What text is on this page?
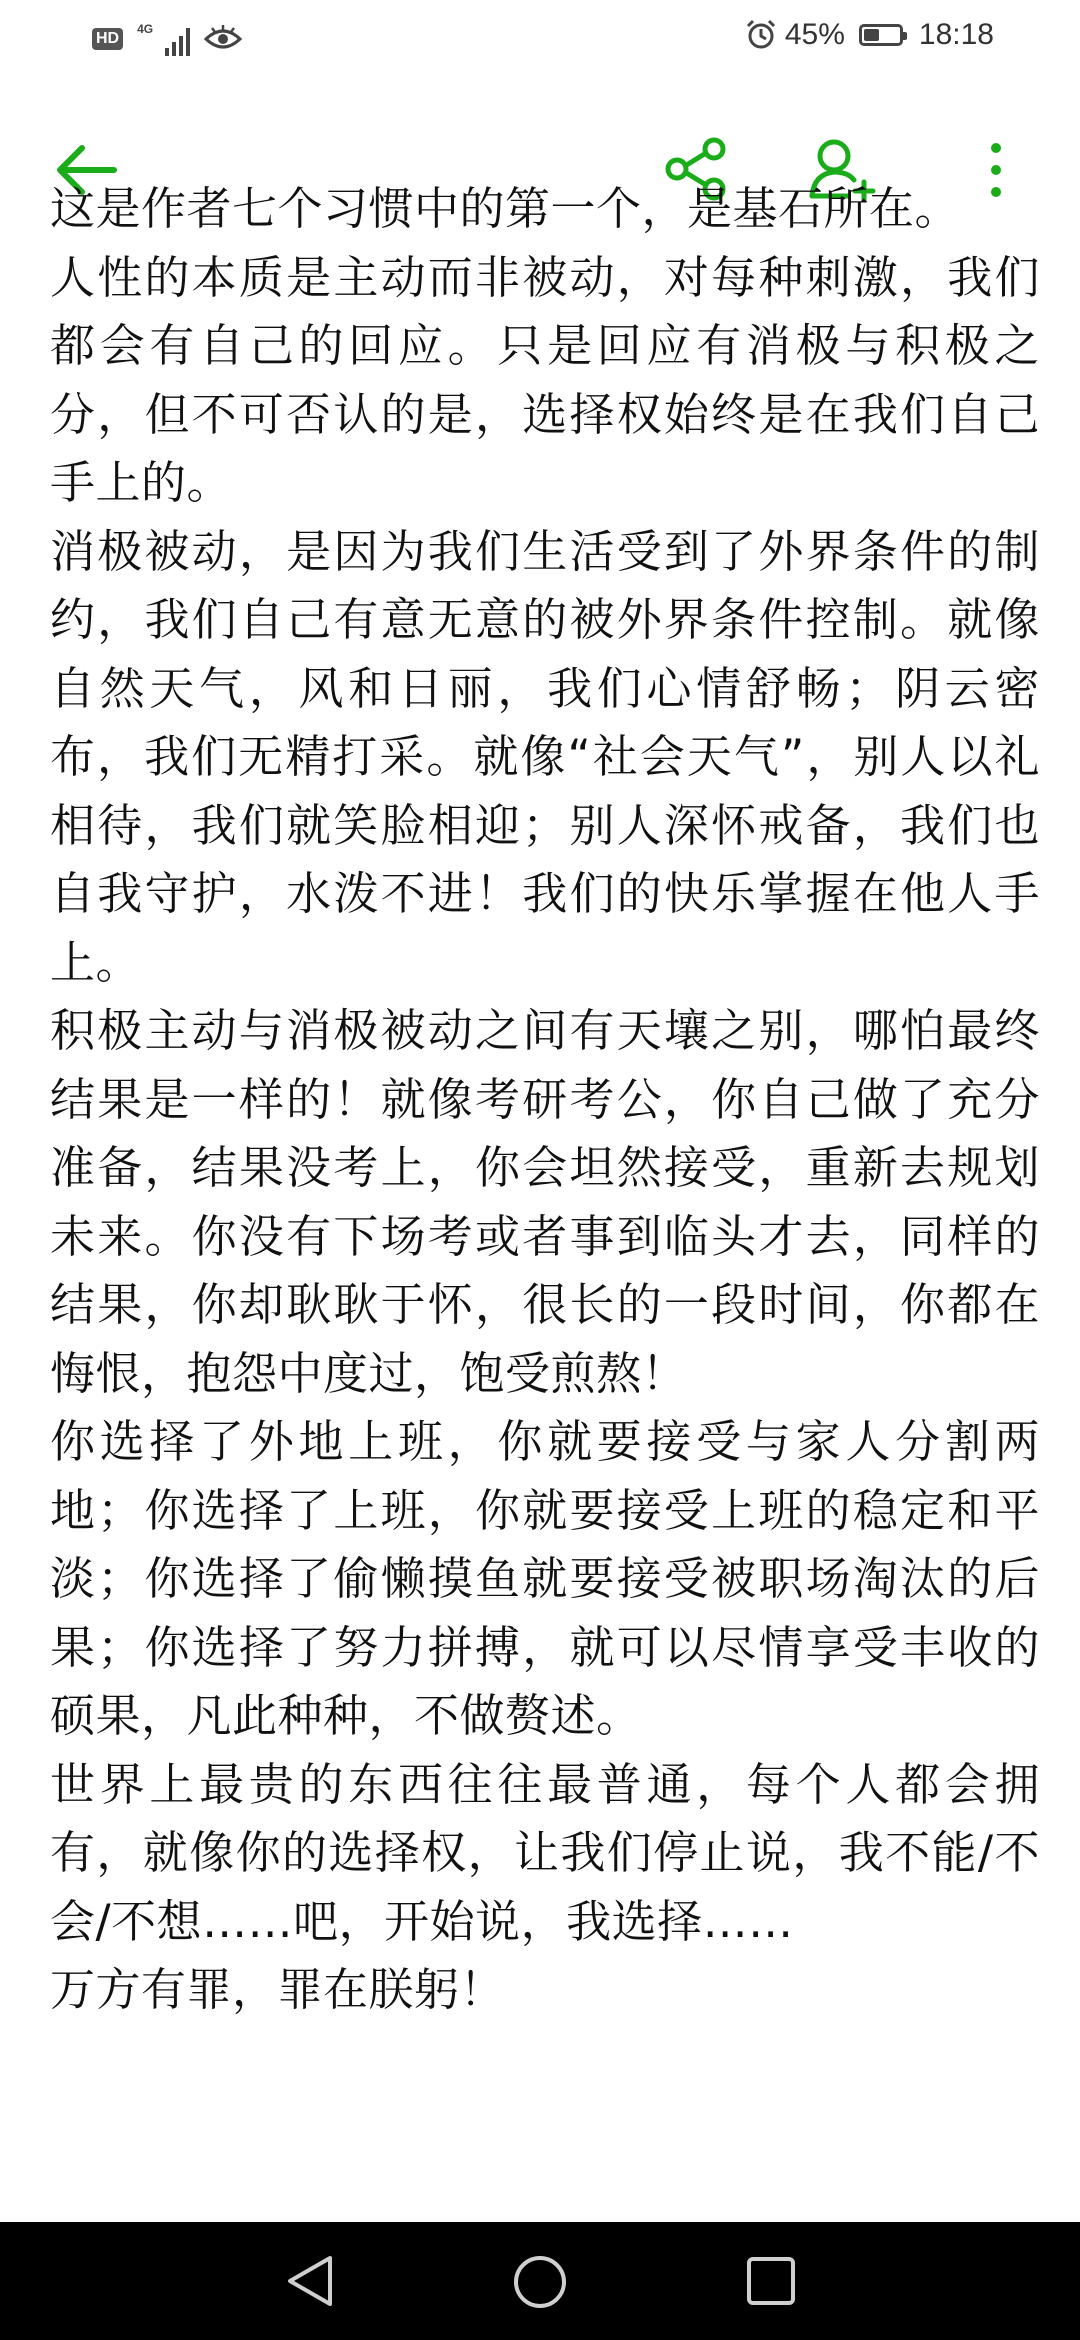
HD
4G	45% 18:18

这是作者七个习惯中的第一个，是基石所在。

人性的本质是主动而非被动，对每种刺激，我们都会有自己的回应。只是回应有消极与积极之分，但不可否认的是，选择权始终是在我们自己手上的。

消极被动，是因为我们生活受到了外界条件的制约，我们自己有意无意的被外界条件控制。就像自然天气，风和日丽，我们心情舒畅；阴云密布，我们无精打采。就像“社会天气”，别人以礼相待，我们就笑脸相迎；别人深怀戒备，我们也自我守护，水泼不进！我们的快乐掌握在他人手上。

积极主动与消极被动之间有天壤之别，哪怕最终结果是一样的！就像考研考公，你自己做了充分准备，结果没考上，你会坦然接受，重新去规划未来。你没有下场考或者事到临头才去，同样的结果，你却耿耿于怀，很长的一段时间，你都在悔恨，抱怨中度过，饱受煎熬！

你选择了外地上班，你就要接受与家人分割两地；你选择了上班，你就要接受上班的稳定和平淡；你选择了偷懒摸鱼就要接受被职场淘汰的后果；你选择了努力拼搏，就可以尽情享受丰收的硕果，凡此种种，不做赘述。

世界上最贵的东西往往最普通，每个人都会拥有，就像你的选择权，让我们停止说，我不能/不会/不想……吧，开始说，我选择……

万方有罪，罪在朕躬！
